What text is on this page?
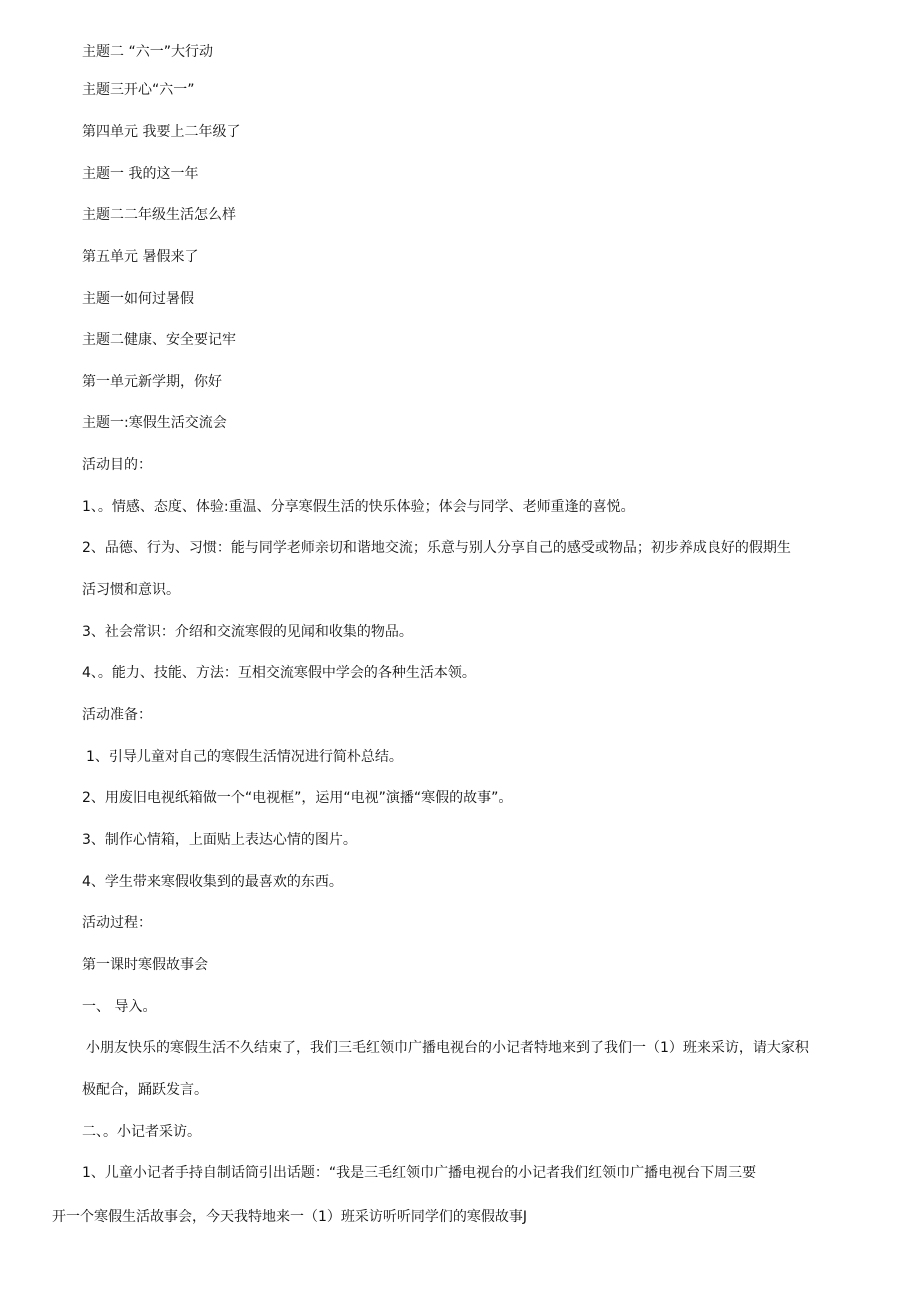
主题二 “六一”大行动
主题三开心“六一”
第四单元 我要上二年级了
主题一 我的这一年
主题二二年级生活怎么样
第五单元 暑假来了
主题一如何过暑假
主题二健康、安全要记牢
第一单元新学期，你好
主题一:寒假生活交流会
活动目的：
1、。情感、态度、体验:重温、分享寒假生活的快乐体验；体会与同学、老师重逢的喜悦。
2、品德、行为、习惯：能与同学老师亲切和谐地交流；乐意与别人分享自己的感受或物品；初步养成良好的假期生
活习惯和意识。
3、社会常识：介绍和交流寒假的见闻和收集的物品。
4、。能力、技能、方法：互相交流寒假中学会的各种生活本领。
活动准备：
1、引导儿童对自己的寒假生活情况进行简朴总结。
2、用废旧电视纸箱做一个“电视框”，运用“电视”演播“寒假的故事”。
3、制作心情箱，上面贴上表达心情的图片。
4、学生带来寒假收集到的最喜欢的东西。
活动过程：
第一课时寒假故事会
一、 导入。
小朋友快乐的寒假生活不久结束了，我们三毛红领巾广播电视台的小记者特地来到了我们一（1）班来采访，请大家积
极配合，踊跃发言。
二、。小记者采访。
1、儿童小记者手持自制话筒引出话题：“我是三毛红领巾广播电视台的小记者我们红领巾广播电视台下周三要
开一个寒假生活故事会，今天我特地来一（1）班采访听听同学们的寒假故事J
